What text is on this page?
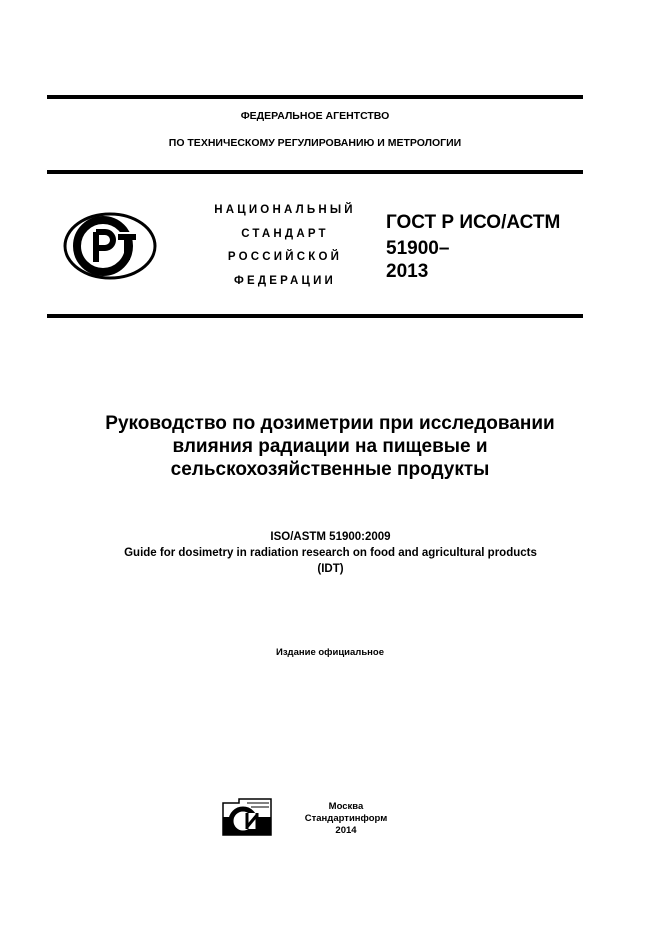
ФЕДЕРАЛЬНОЕ АГЕНТСТВО
ПО ТЕХНИЧЕСКОМУ РЕГУЛИРОВАНИЮ И МЕТРОЛОГИИ
НАЦИОНАЛЬНЫЙ
СТАНДАРТ
РОССИЙСКОЙ
ФЕДЕРАЦИИ
ГОСТ Р ИСО/АСТМ
51900–
2013
Руководство по дозиметрии при исследовании
влияния радиации на пищевые и
сельскохозяйственные продукты
ISO/ASTM 51900:2009
Guide for dosimetry in radiation research on food and agricultural products
(IDT)
Издание официальное
Москва
Стандартинформ
2014
